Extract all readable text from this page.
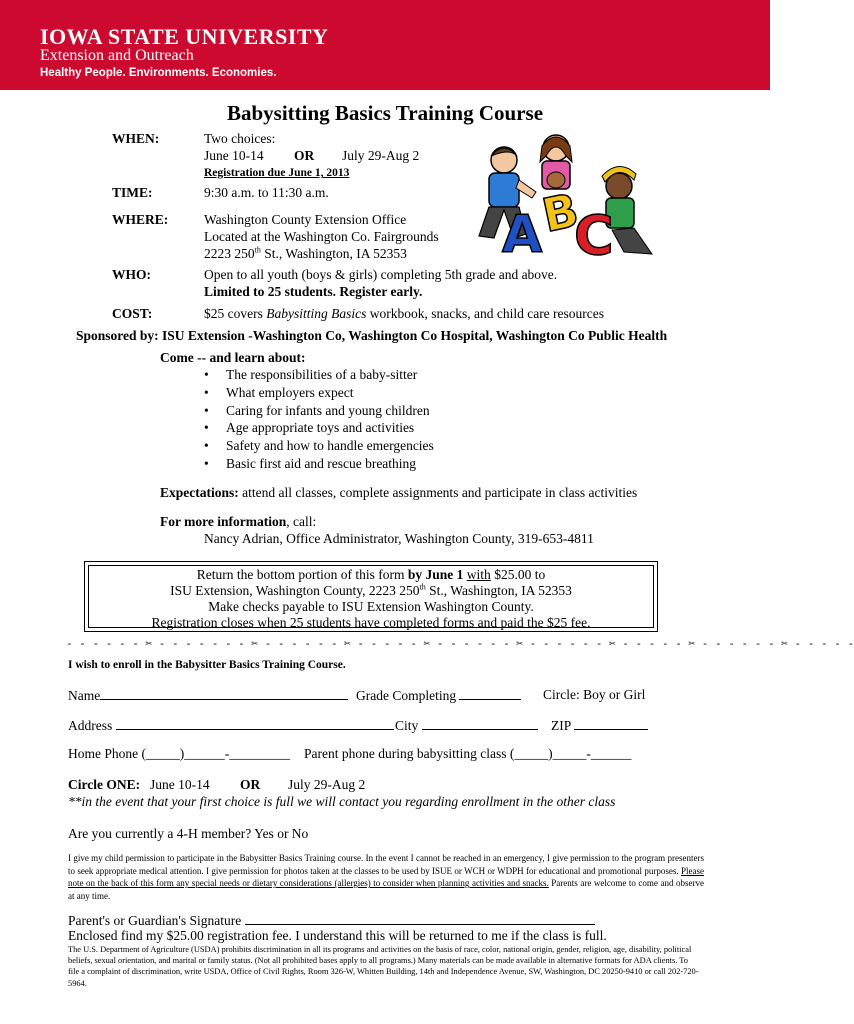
IOWA STATE UNIVERSITY
Extension and Outreach
Healthy People. Environments. Economies.
Babysitting Basics Training Course
WHEN:	Two choices:
June 10-14 OR July 29-Aug 2
Registration due June 1, 2013
TIME:	9:30 a.m. to 11:30 a.m.
WHERE:	Washington County Extension Office
Located at the Washington Co. Fairgrounds
2223 250th St., Washington, IA 52353
WHO:	Open to all youth (boys & girls) completing 5th grade and above.
Limited to 25 students. Register early.
COST:	$25 covers Babysitting Basics workbook, snacks, and child care resources
A
B
C
Sponsored by: ISU Extension -Washington Co, Washington Co Hospital, Washington Co Public Health
Come -- and learn about:
• The responsibilities of a baby-sitter
• What employers expect
• Caring for infants and young children
• Age appropriate toys and activities
• Safety and how to handle emergencies
• Basic first aid and rescue breathing
Expectations: attend all classes, complete assignments and participate in class activities
For more information, call:
Nancy Adrian, Office Administrator, Washington County, 319-653-4811
Return the bottom portion of this form by June 1 with $25.00 to
ISU Extension, Washington County, 2223 250th St., Washington, IA 52353
Make checks payable to ISU Extension Washington County.
Registration closes when 25 students have completed forms and paid the $25 fee.
- - - - - - ✂ - - - - - - - ✂ - - - - - - ✂ - - - - - ✂ - - - - - - ✂ - - - - - - ✂ - - - - - ✂ - - - - - - ✂ - - - - -
I wish to enroll in the Babysitter Basics Training Course.
Name	Grade Completing	Circle: Boy or Girl
Address	City	ZIP
Home Phone (_____)______-_________ Parent phone during babysitting class (_____)_____-______
Circle ONE: June 10-14 OR July 29-Aug 2
**in the event that your first choice is full we will contact you regarding enrollment in the other class
Are you currently a 4-H member? Yes or No
I give my child permission to participate in the Babysitter Basics Training course. In the event I cannot be reached in an emergency, I give permission to the program presenters to seek appropriate medical attention. I give permission for photos taken at the classes to be used by ISUE or WCH or WDPH for educational and promotional purposes. Please note on the back of this form any special needs or dietary considerations (allergies) to consider when planning activities and snacks. Parents are welcome to come and observe at any time.
Parent's or Guardian's Signature
Enclosed find my $25.00 registration fee. I understand this will be returned to me if the class is full.
The U.S. Department of Agriculture (USDA) prohibits discrimination in all its programs and activities on the basis of race, color, national origin, gender, religion, age, disability, political beliefs, sexual orientation, and marital or family status. (Not all prohibited bases apply to all programs.) Many materials can be made available in alternative formats for ADA clients. To file a complaint of discrimination, write USDA, Office of Civil Rights, Room 326-W, Whitten Building, 14th and Independence Avenue, SW, Washington, DC 20250-9410 or call 202-720-5964.
